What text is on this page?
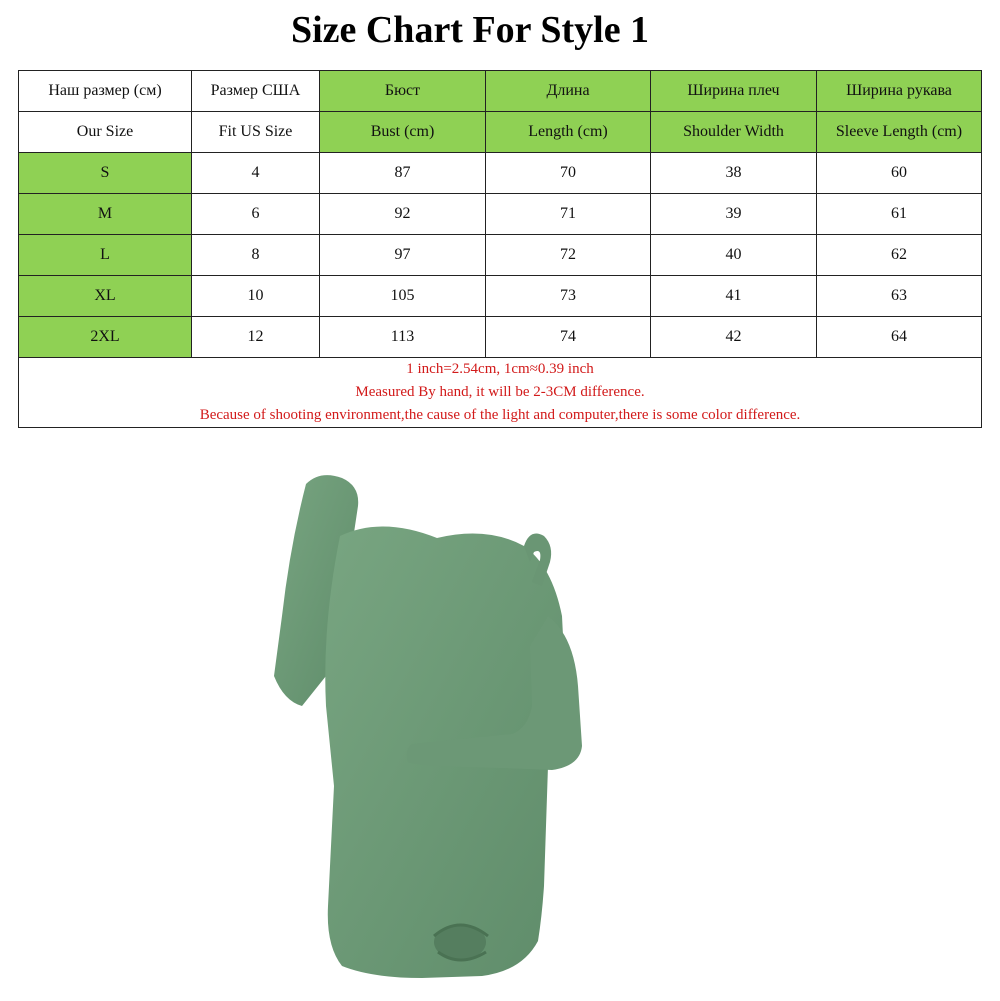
Size Chart For Style 1
Наш размер (см)	Размер США	Бюст	Длина	Ширина плеч	Ширина рукава
Our Size	Fit US Size	Bust (cm)	Length (cm)	Shoulder Width	Sleeve Length (cm)
S	4	87	70	38	60
M	6	92	71	39	61
L	8	97	72	40	62
XL	10	105	73	41	63
2XL	12	113	74	42	64

1 inch=2.54cm, 1cm≈0.39 inch
Measured By hand, it will be 2-3CM difference.
Because of shooting environment,the cause of the light and computer,there is some color difference.					
